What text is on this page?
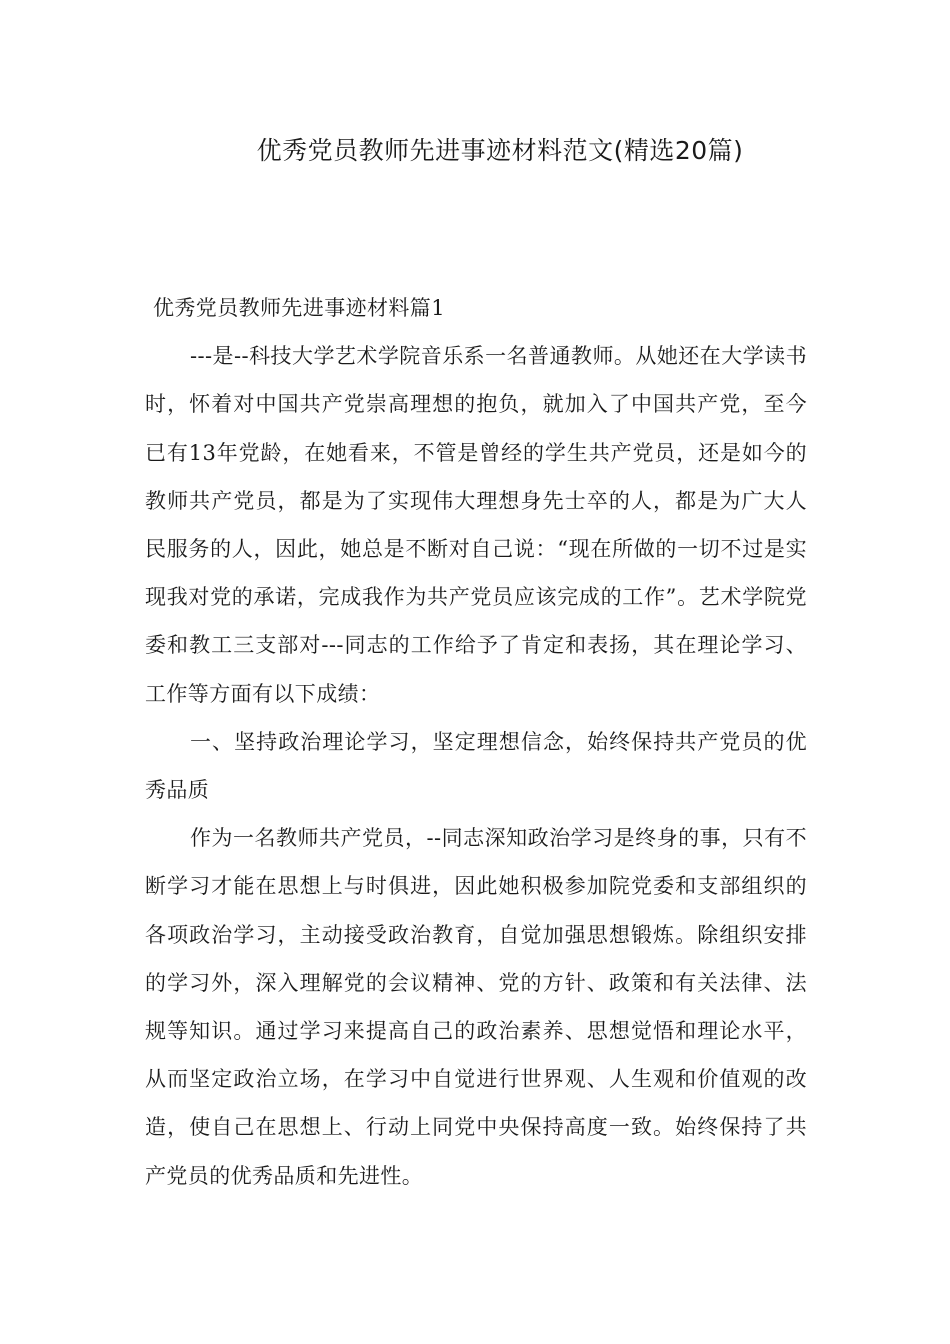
优秀党员教师先进事迹材料范文(精选20篇)

优秀党员教师先进事迹材料篇1

---是--科技大学艺术学院音乐系一名普通教师。从她还在大学读书时，怀着对中国共产党崇高理想的抱负，就加入了中国共产党，至今已有13年党龄，在她看来，不管是曾经的学生共产党员，还是如今的教师共产党员，都是为了实现伟大理想身先士卒的人，都是为广大人民服务的人，因此，她总是不断对自己说：“现在所做的一切不过是实现我对党的承诺，完成我作为共产党员应该完成的工作”。艺术学院党委和教工三支部对---同志的工作给予了肯定和表扬，其在理论学习、工作等方面有以下成绩：

一、坚持政治理论学习，坚定理想信念，始终保持共产党员的优秀品质

作为一名教师共产党员，--同志深知政治学习是终身的事，只有不断学习才能在思想上与时俱进，因此她积极参加院党委和支部组织的各项政治学习，主动接受政治教育，自觉加强思想锻炼。除组织安排的学习外，深入理解党的会议精神、党的方针、政策和有关法律、法规等知识。通过学习来提高自己的政治素养、思想觉悟和理论水平，从而坚定政治立场，在学习中自觉进行世界观、人生观和价值观的改造，使自己在思想上、行动上同党中央保持高度一致。始终保持了共产党员的优秀品质和先进性。
